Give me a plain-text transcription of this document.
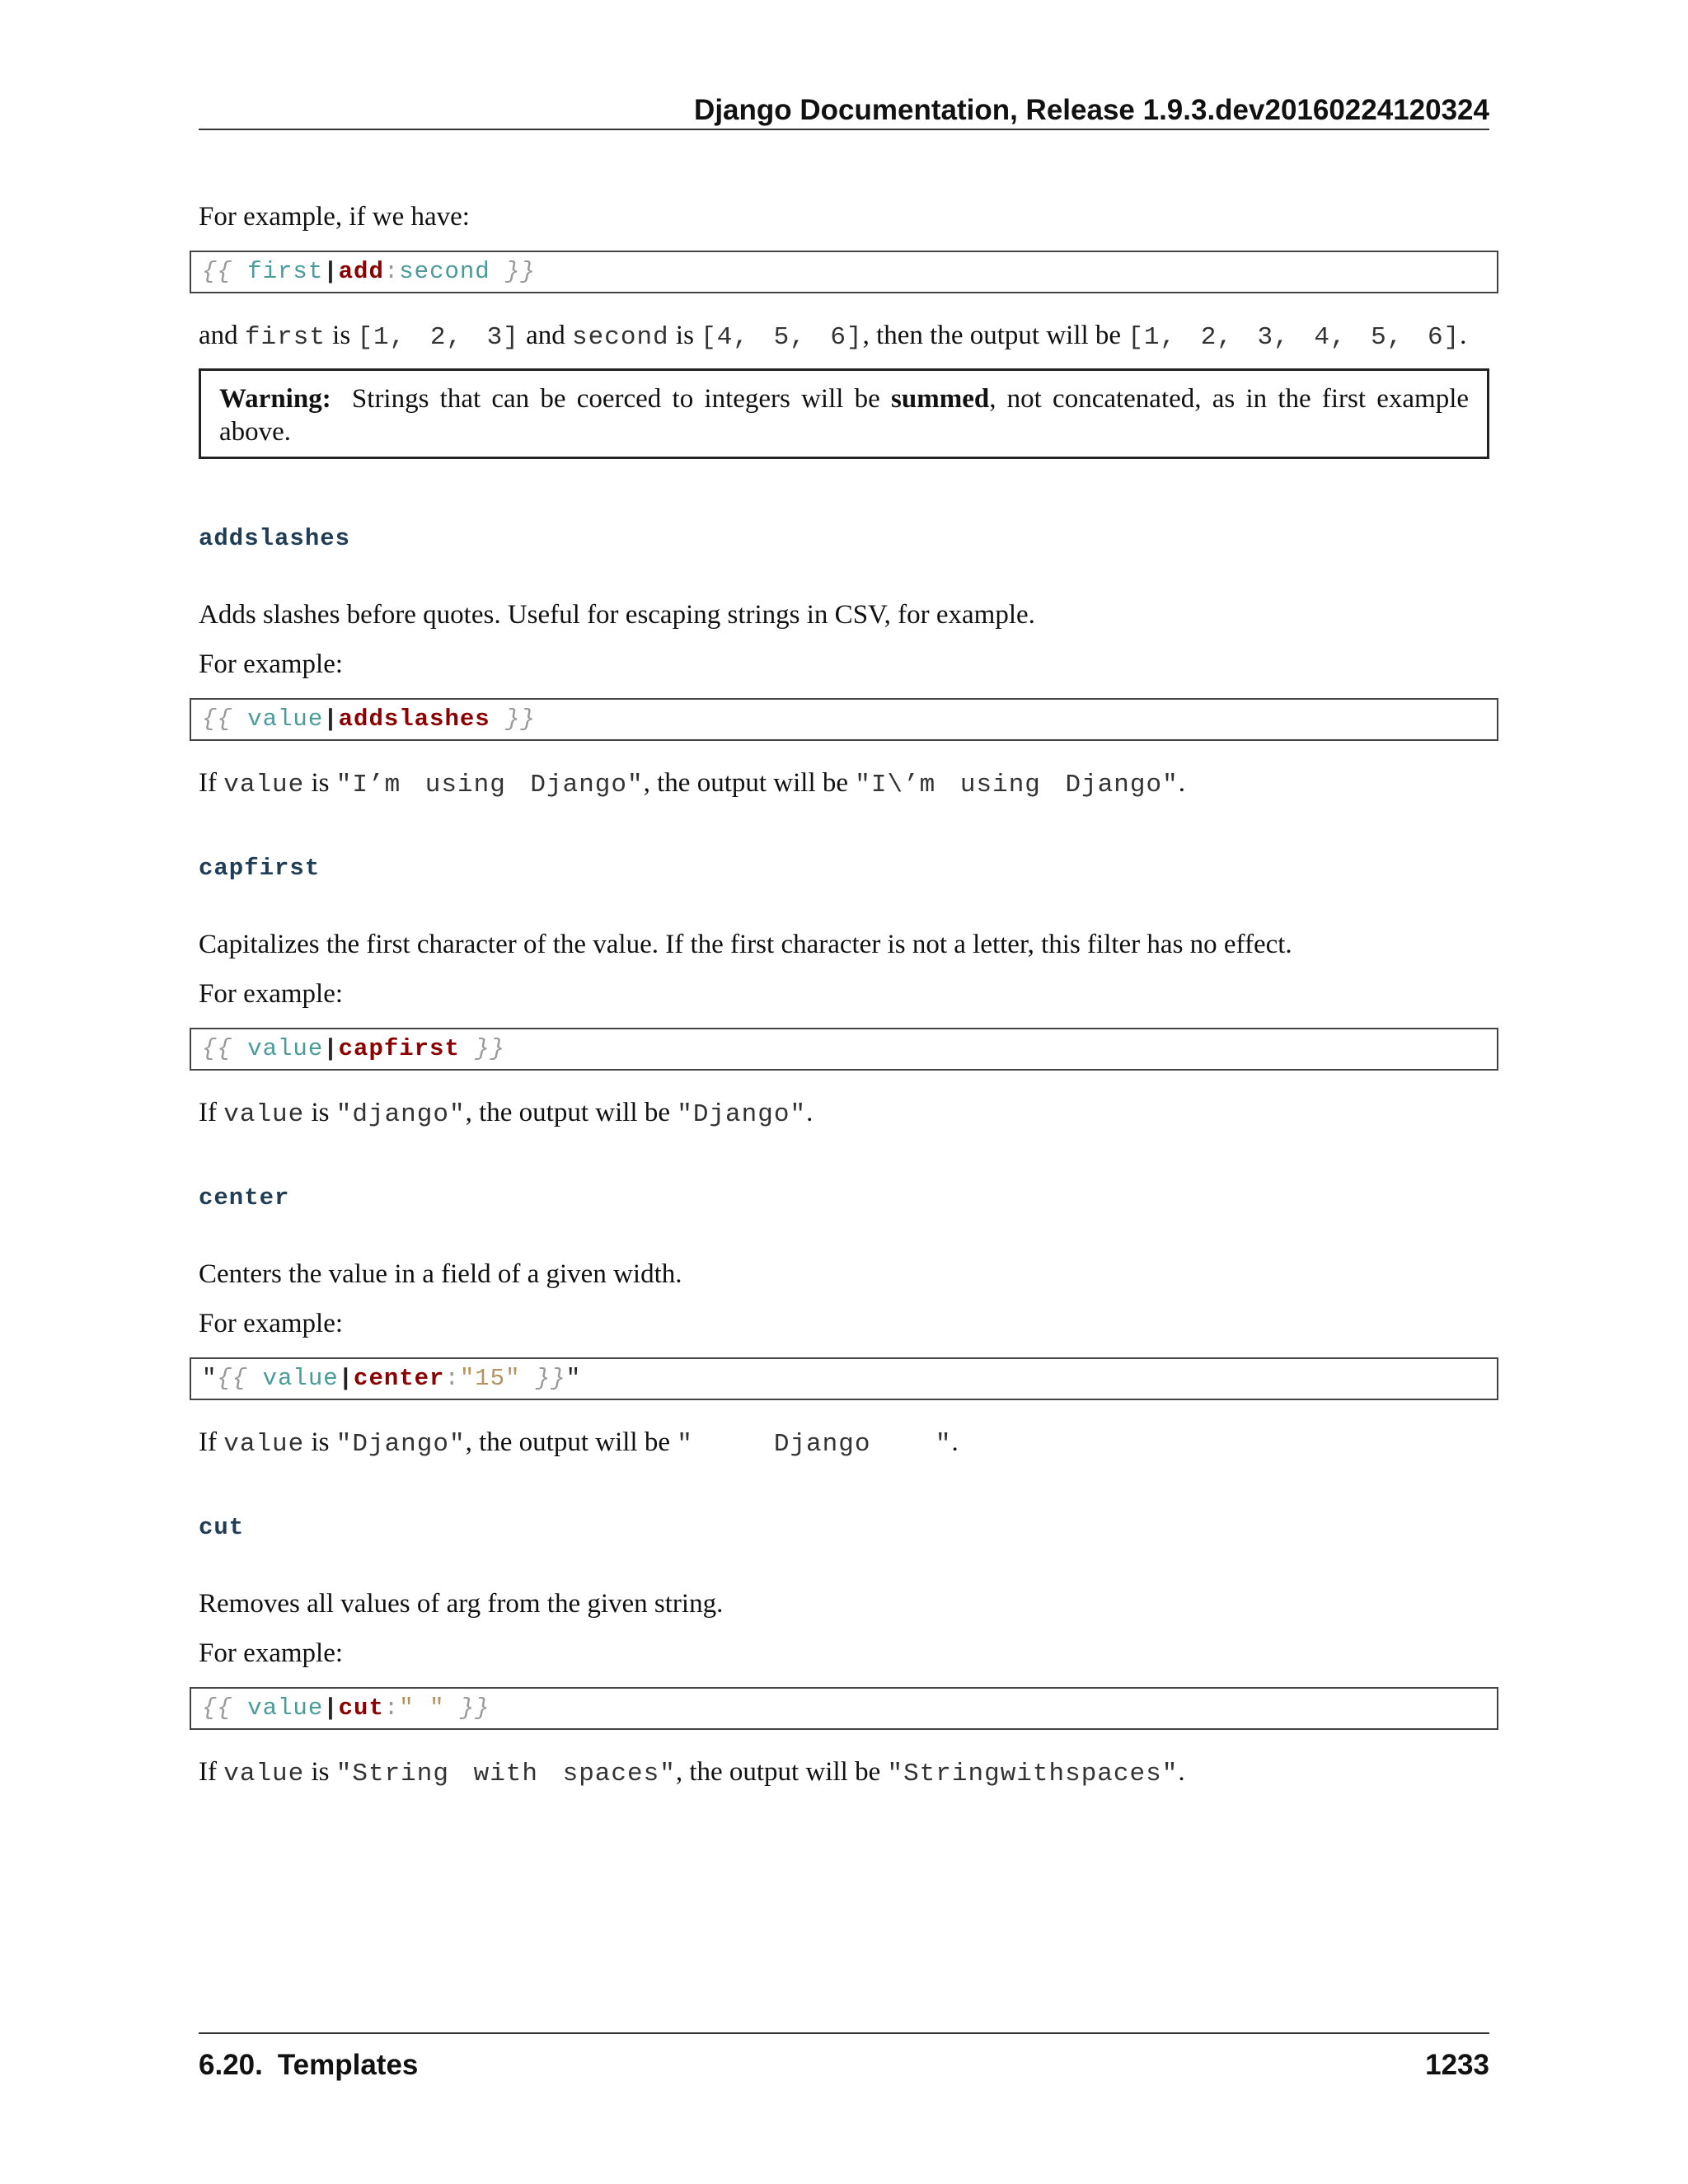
Django Documentation, Release 1.9.3.dev20160224120324
For example, if we have:
{{ first|add:second }}
and first is [1, 2, 3] and second is [4, 5, 6], then the output will be [1, 2, 3, 4, 5, 6].
Warning: Strings that can be coerced to integers will be summed, not concatenated, as in the first example above.
addslashes
Adds slashes before quotes. Useful for escaping strings in CSV, for example.
For example:
{{ value|addslashes }}
If value is "I’m using Django", the output will be "I\’m using Django".
capfirst
Capitalizes the first character of the value. If the first character is not a letter, this filter has no effect.
For example:
{{ value|capfirst }}
If value is "django", the output will be "Django".
center
Centers the value in a field of a given width.
For example:
"{{ value|center:"15" }}"
If value is "Django", the output will be "     Django    ".
cut
Removes all values of arg from the given string.
For example:
{{ value|cut:" " }}
If value is "String with spaces", the output will be "Stringwithspaces".
6.20. Templates	1233
